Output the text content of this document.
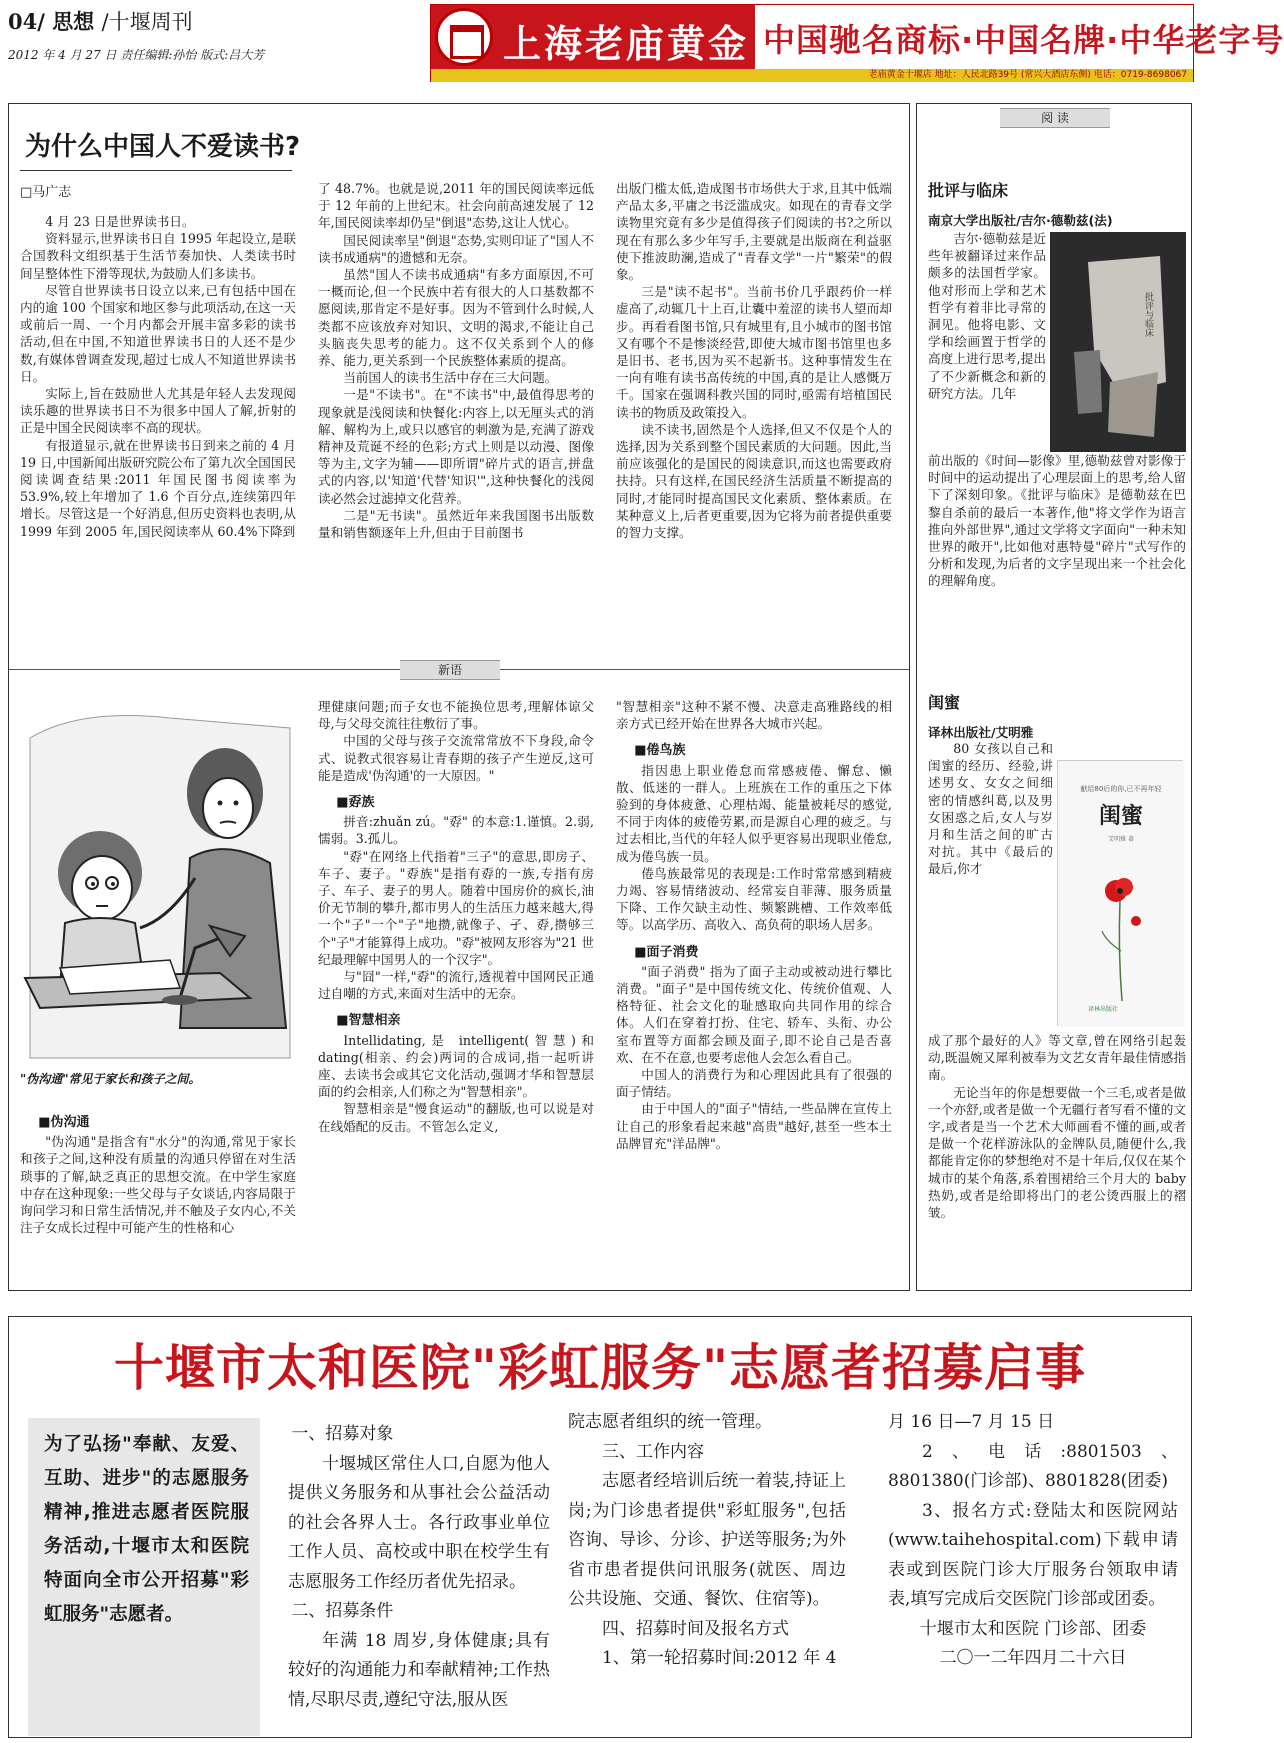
04/ 思想 /十堰周刊
2012 年 4 月 27 日 责任编辑:孙怡 版式:吕大芳	上海老庙黄金 中国驰名商标·中国名牌·中华老字号
老庙黄金十堰店 地址：人民北路39号 (常兴大酒店东侧) 电话：0719-8698067
为什么中国人不爱读书?
□马广志

4 月 23 日是世界读书日。

资料显示,世界读书日自 1995 年起设立,是联合国教科文组织基于生活节奏加快、人类读书时间呈整体性下滑等现状,为鼓励人们多读书。

尽管自世界读书日设立以来,已有包括中国在内的逾 100 个国家和地区参与此项活动,在这一天或前后一周、一个月内都会开展丰富多彩的读书活动,但在中国,不知道世界读书日的人还不是少数,有媒体曾调查发现,超过七成人不知道世界读书日。

实际上,旨在鼓励世人尤其是年轻人去发现阅读乐趣的世界读书日不为很多中国人了解,折射的正是中国全民阅读率不高的现状。

有报道显示,就在世界读书日到来之前的 4 月 19 日,中国新闻出版研究院公布了第九次全国国民阅读调查结果:2011 年国民图书阅读率为 53.9%,较上年增加了 1.6 个百分点,连续第四年增长。尽管这是一个好消息,但历史资料也表明,从 1999 年到 2005 年,国民阅读率从 60.4%下降到

了 48.7%。也就是说,2011 年的国民阅读率远低于 12 年前的上世纪末。社会向前高速发展了 12 年,国民阅读率却仍呈"倒退"态势,这让人忧心。

国民阅读率呈"倒退"态势,实则印证了"国人不读书成通病"的遗憾和无奈。

虽然"国人不读书成通病"有多方面原因,不可一概而论,但一个民族中若有很大的人口基数都不愿阅读,那肯定不是好事。因为不管到什么时候,人类都不应该放弃对知识、文明的渴求,不能让自己头脑丧失思考的能力。这不仅关系到个人的修养、能力,更关系到一个民族整体素质的提高。

当前国人的读书生活中存在三大问题。

一是"不读书"。在"不读书"中,最值得思考的现象就是浅阅读和快餐化:内容上,以无厘头式的消解、解构为上,或只以感官的刺激为是,充满了游戏精神及荒诞不经的色彩;方式上则是以动漫、图像等为主,文字为辅——即所谓"碎片式的语言,拼盘式的内容,以'知道'代替'知识'",这种快餐化的浅阅读必然会过滤掉文化营养。

二是"无书读"。虽然近年来我国图书出版数量和销售额逐年上升,但由于目前图书

出版门槛太低,造成图书市场供大于求,且其中低端产品太多,平庸之书泛滥成灾。如现在的青春文学读物里究竟有多少是值得孩子们阅读的书?之所以现在有那么多少年写手,主要就是出版商在利益驱使下推波助澜,造成了"青春文学"一片"繁荣"的假象。

三是"读不起书"。当前书价几乎跟药价一样虚高了,动辄几十上百,让囊中羞涩的读书人望而却步。再看看图书馆,只有城里有,且小城市的图书馆又有哪个不是惨淡经营,即使大城市图书馆里也多是旧书、老书,因为买不起新书。这种事情发生在一向有唯有读书高传统的中国,真的是让人感慨万千。国家在强调科教兴国的同时,亟需有培植国民读书的物质及政策投入。

读不读书,固然是个人选择,但又不仅是个人的选择,因为关系到整个国民素质的大问题。因此,当前应该强化的是国民的阅读意识,而这也需要政府扶持。只有这样,在国民经济生活质量不断提高的同时,才能同时提高国民文化素质、整体素质。在某种意义上,后者更重要,因为它将为前者提供重要的智力支撑。

新语
"伪沟通"常见于家长和孩子之间。
■伪沟通

"伪沟通"是指含有"水分"的沟通,常见于家长和孩子之间,这种没有质量的沟通只停留在对生活琐事的了解,缺乏真正的思想交流。在中学生家庭中存在这种现象:一些父母与子女谈话,内容局限于询问学习和日常生活情况,并不触及子女内心,不关注子女成长过程中可能产生的性格和心

理健康问题;而子女也不能换位思考,理解体谅父母,与父母交流往往敷衍了事。

中国的父母与孩子交流常常放不下身段,命令式、说教式很容易让青春期的孩子产生逆反,这可能是造成'伪沟通'的一大原因。"

■孬族

拼音:zhuǎn zú。"孬" 的本意:1.谨慎。2.弱,懦弱。3.孤儿。

"孬"在网络上代指着"三子"的意思,即房子、车子、妻子。"孬族"是指有孬的一族,专指有房子、车子、妻子的男人。随着中国房价的疯长,油价无节制的攀升,都市男人的生活压力越来越大,得一个"子"一个"子"地攒,就像子、孑、孬,攒够三个"子"才能算得上成功。"孬"被网友形容为"21 世纪最理解中国男人的一个汉字"。

与"囧"一样,"孬"的流行,透视着中国网民正通过自嘲的方式,来面对生活中的无奈。

■智慧相亲

Intellidating,是 intelligent(智慧)和 dating(相亲、约会)两词的合成词,指一起听讲座、去读书会或其它文化活动,强调才华和智慧层面的约会相亲,人们称之为"智慧相亲"。

智慧相亲是"慢食运动"的翻版,也可以说是对在线婚配的反击。不管怎么定义,

"智慧相亲"这种不紧不慢、决意走高雅路线的相亲方式已经开始在世界各大城市兴起。

■倦鸟族

指因患上职业倦怠而常感疲倦、懈怠、懒散、低迷的一群人。上班族在工作的重压之下体验到的身体疲惫、心理枯竭、能量被耗尽的感觉,不同于肉体的疲倦劳累,而是源自心理的疲乏。与过去相比,当代的年轻人似乎更容易出现职业倦怠,成为倦鸟族一员。

倦鸟族最常见的表现是:工作时常常感到精疲力竭、容易情绪波动、经常妄自菲薄、服务质量下降、工作欠缺主动性、频繁跳槽、工作效率低等。以高学历、高收入、高负荷的职场人居多。

■面子消费

"面子消费" 指为了面子主动或被动进行攀比消费。"面子"是中国传统文化、传统价值观、人格特征、社会文化的耻感取向共同作用的综合体。人们在穿着打扮、住宅、轿车、头衔、办公室布置等方面都会顾及面子,即不论自己是否喜欢、在不在意,也要考虑他人会怎么看自己。

中国人的消费行为和心理因此具有了很强的面子情结。

由于中国人的"面子"情结,一些品牌在宣传上让自己的形象看起来越"高贵"越好,甚至一些本土品牌冒充"洋品牌"。

阅 读
批评与临床
南京大学出版社/吉尔·德勒兹(法)
批评与临床

吉尔·德勒兹是近些年被翻译过来作品颇多的法国哲学家。他对形而上学和艺术哲学有着非比寻常的洞见。他将电影、文学和绘画置于哲学的高度上进行思考,提出了不少新概念和新的研究方法。几年

前出版的《时间—影像》里,德勒兹曾对影像于时间中的运动提出了心理层面上的思考,给人留下了深刻印象。《批评与临床》是德勒兹在巴黎自杀前的最后一本著作,他"将文学作为语言推向外部世界",通过文学将文字面向"一种未知世界的敞开",比如他对惠特曼"碎片"式写作的分析和发现,为后者的文字呈现出来一个社会化的理解角度。

闺蜜
译林出版社/艾明雅
献给80后的你,已不再年轻
闺蜜
艾明雅 著
译林出版社

80 女孩以自己和闺蜜的经历、经验,讲述男女、女女之间细密的情感纠葛,以及男女困惑之后,女人与岁月和生活之间的旷古对抗。其中《最后的最后,你才

成了那个最好的人》等文章,曾在网络引起轰动,既温婉又犀利被奉为文艺女青年最佳情感指南。

无论当年的你是想要做一个三毛,或者是做一个亦舒,或者是做一个无疆行者写看不懂的文字,或者是当一个艺术大师画看不懂的画,或者是做一个花样游泳队的金牌队员,随便什么,我都能肯定你的梦想绝对不是十年后,仅仅在某个城市的某个角落,系着围裙给三个月大的 baby 热奶,或者是给即将出门的老公烫西服上的褶皱。

十堰市太和医院"彩虹服务"志愿者招募启事
为了弘扬"奉献、友爱、互助、进步"的志愿服务精神,推进志愿者医院服务活动,十堰市太和医院特面向全市公开招募"彩虹服务"志愿者。
一、招募对象

十堰城区常住人口,自愿为他人提供义务服务和从事社会公益活动的社会各界人士。各行政事业单位工作人员、高校或中职在校学生有志愿服务工作经历者优先招录。

二、招募条件

年满 18 周岁,身体健康;具有较好的沟通能力和奉献精神;工作热情,尽职尽责,遵纪守法,服从医

院志愿者组织的统一管理。

三、工作内容

志愿者经培训后统一着装,持证上岗;为门诊患者提供"彩虹服务",包括咨询、导诊、分诊、护送等服务;为外省市患者提供问讯服务(就医、周边公共设施、交通、餐饮、住宿等)。

四、招募时间及报名方式

1、第一轮招募时间:2012 年 4

月 16 日—7 月 15 日

2、电话:8801503、8801380(门诊部)、8801828(团委)

3、报名方式:登陆太和医院网站(www.taihehospital.com)下载申请表或到医院门诊大厅服务台领取申请表,填写完成后交医院门诊部或团委。

十堰市太和医院 门诊部、团委

二〇一二年四月二十六日
